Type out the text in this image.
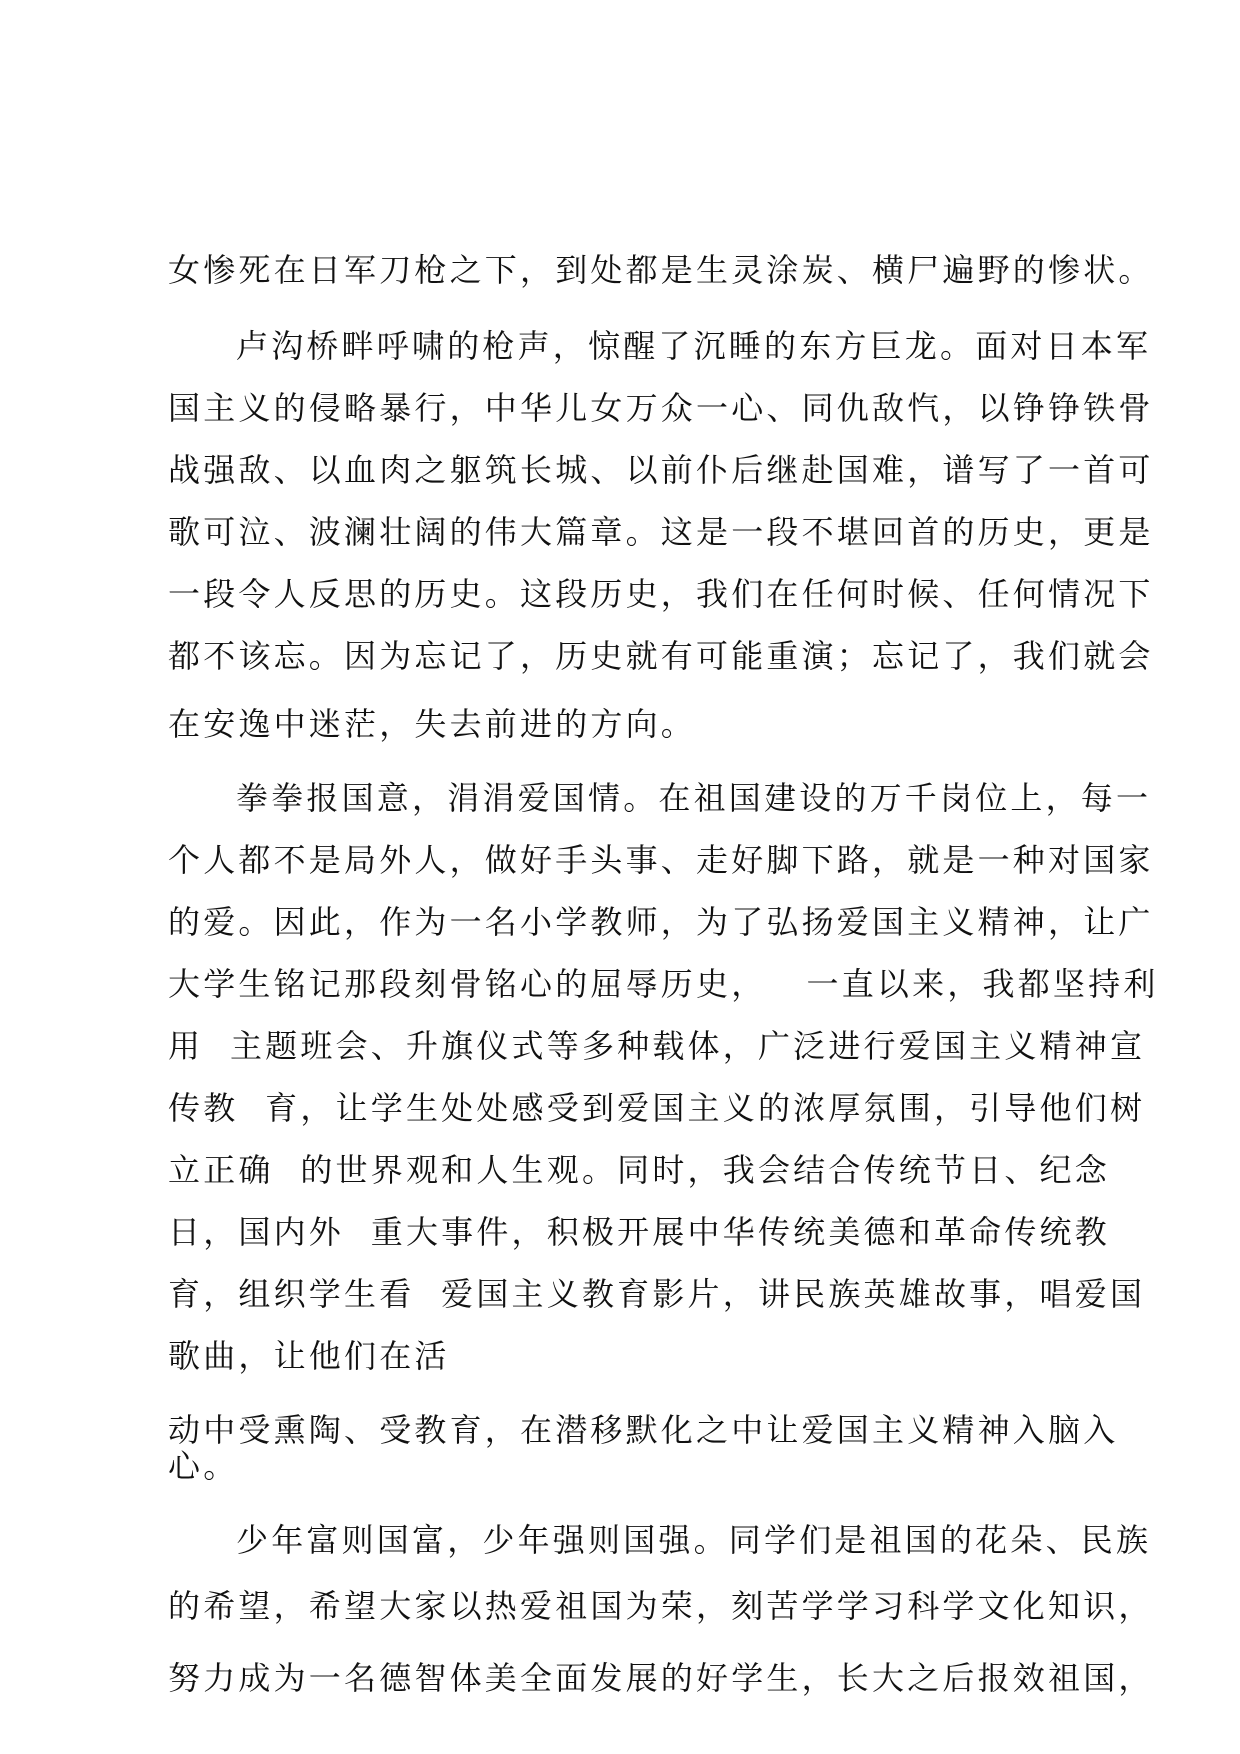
女惨死在日军刀枪之下，到处都是生灵涂炭、横尸遍野的惨状。
卢沟桥畔呼啸的枪声，惊醒了沉睡的东方巨龙。面对日本军
国主义的侵略暴行，中华儿女万众一心、同仇敌忾，以铮铮铁骨
战强敌、以血肉之躯筑长城、以前仆后继赴国难，谱写了一首可
歌可泣、波澜壮阔的伟大篇章。这是一段不堪回首的历史，更是
一段令人反思的历史。这段历史，我们在任何时候、任何情况下
都不该忘。因为忘记了，历史就有可能重演；忘记了，我们就会
在安逸中迷茫，失去前进的方向。
拳拳报国意，涓涓爱国情。在祖国建设的万千岗位上，每一
个人都不是局外人，做好手头事、走好脚下路，就是一种对国家
的爱。因此，作为一名小学教师，为了弘扬爱国主义精神，让广
大学生铭记那段刻骨铭心的屈辱历史，   一直以来，我都坚持利
用  主题班会、升旗仪式等多种载体，广泛进行爱国主义精神宣
传教  育，让学生处处感受到爱国主义的浓厚氛围，引导他们树
立正确  的世界观和人生观。同时，我会结合传统节日、纪念
日，国内外  重大事件，积极开展中华传统美德和革命传统教
育，组织学生看  爱国主义教育影片，讲民族英雄故事，唱爱国
歌曲，让他们在活
动中受熏陶、受教育，在潜移默化之中让爱国主义精神入脑入
心。
少年富则国富，少年强则国强。同学们是祖国的花朵、民族
的希望，希望大家以热爱祖国为荣，刻苦学学习科学文化知识，
努力成为一名德智体美全面发展的好学生，长大之后报效祖国，
